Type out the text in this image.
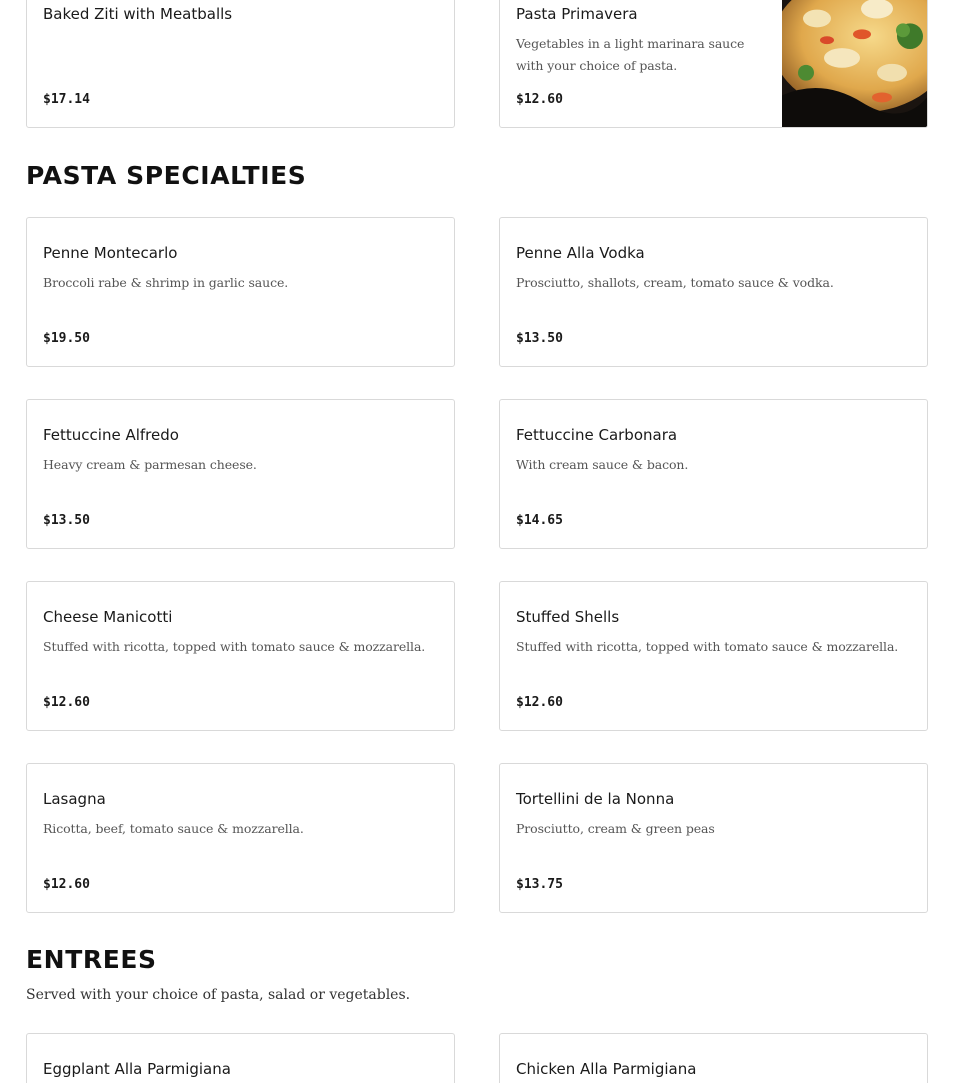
Baked Ziti with Meatballs
$17.14
Pasta Primavera
Vegetables in a light marinara sauce with your choice of pasta.
$12.60
PASTA SPECIALTIES
Penne Montecarlo
Broccoli rabe & shrimp in garlic sauce.
$19.50
Penne Alla Vodka
Prosciutto, shallots, cream, tomato sauce & vodka.
$13.50
Fettuccine Alfredo
Heavy cream & parmesan cheese.
$13.50
Fettuccine Carbonara
With cream sauce & bacon.
$14.65
Cheese Manicotti
Stuffed with ricotta, topped with tomato sauce & mozzarella.
$12.60
Stuffed Shells
Stuffed with ricotta, topped with tomato sauce & mozzarella.
$12.60
Lasagna
Ricotta, beef, tomato sauce & mozzarella.
$12.60
Tortellini de la Nonna
Prosciutto, cream & green peas
$13.75
ENTREES

Served with your choice of pasta, salad or vegetables.

Eggplant Alla Parmigiana	Chicken Alla Parmigiana
